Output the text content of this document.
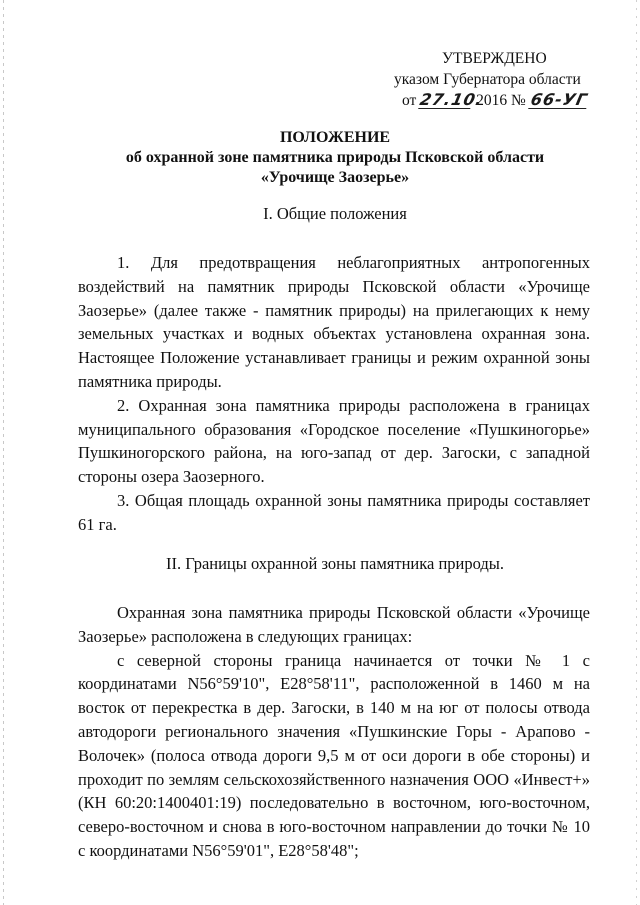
УТВЕРЖДЕНО
указом Губернатора области
от 27.10. 2016 № 66-УГ
ПОЛОЖЕНИЕ
об охранной зоне памятника природы Псковской области
«Урочище Заозерье»
I. Общие положения

1. Для предотвращения неблагоприятных антропогенных воздействий на памятник природы Псковской области «Урочище Заозерье» (далее также - памятник природы) на прилегающих к нему земельных участках и водных объектах установлена охранная зона. Настоящее Положение устанавливает границы и режим охранной зоны памятника природы.

2. Охранная зона памятника природы расположена в границах муниципального образования «Городское поселение «Пушкиногорье» Пушкиногорского района, на юго-запад от дер. Загоски, с западной стороны озера Заозерного.

3. Общая площадь охранной зоны памятника природы составляет 61 га.

II. Границы охранной зоны памятника природы.

Охранная зона памятника природы Псковской области «Урочище Заозерье» расположена в следующих границах:

с северной стороны граница начинается от точки № 1 с координатами N56°59'10", E28°58'11", расположенной в 1460 м на восток от перекрестка в дер. Загоски, в 140 м на юг от полосы отвода автодороги регионального значения «Пушкинские Горы - Арапово - Волочек» (полоса отвода дороги 9,5 м от оси дороги в обе стороны) и проходит по землям сельскохозяйственного назначения ООО «Инвест+» (КН 60:20:1400401:19) последовательно в восточном, юго-восточном, северо-восточном и снова в юго-восточном направлении до точки № 10 с координатами N56°59'01", E28°58'48";
